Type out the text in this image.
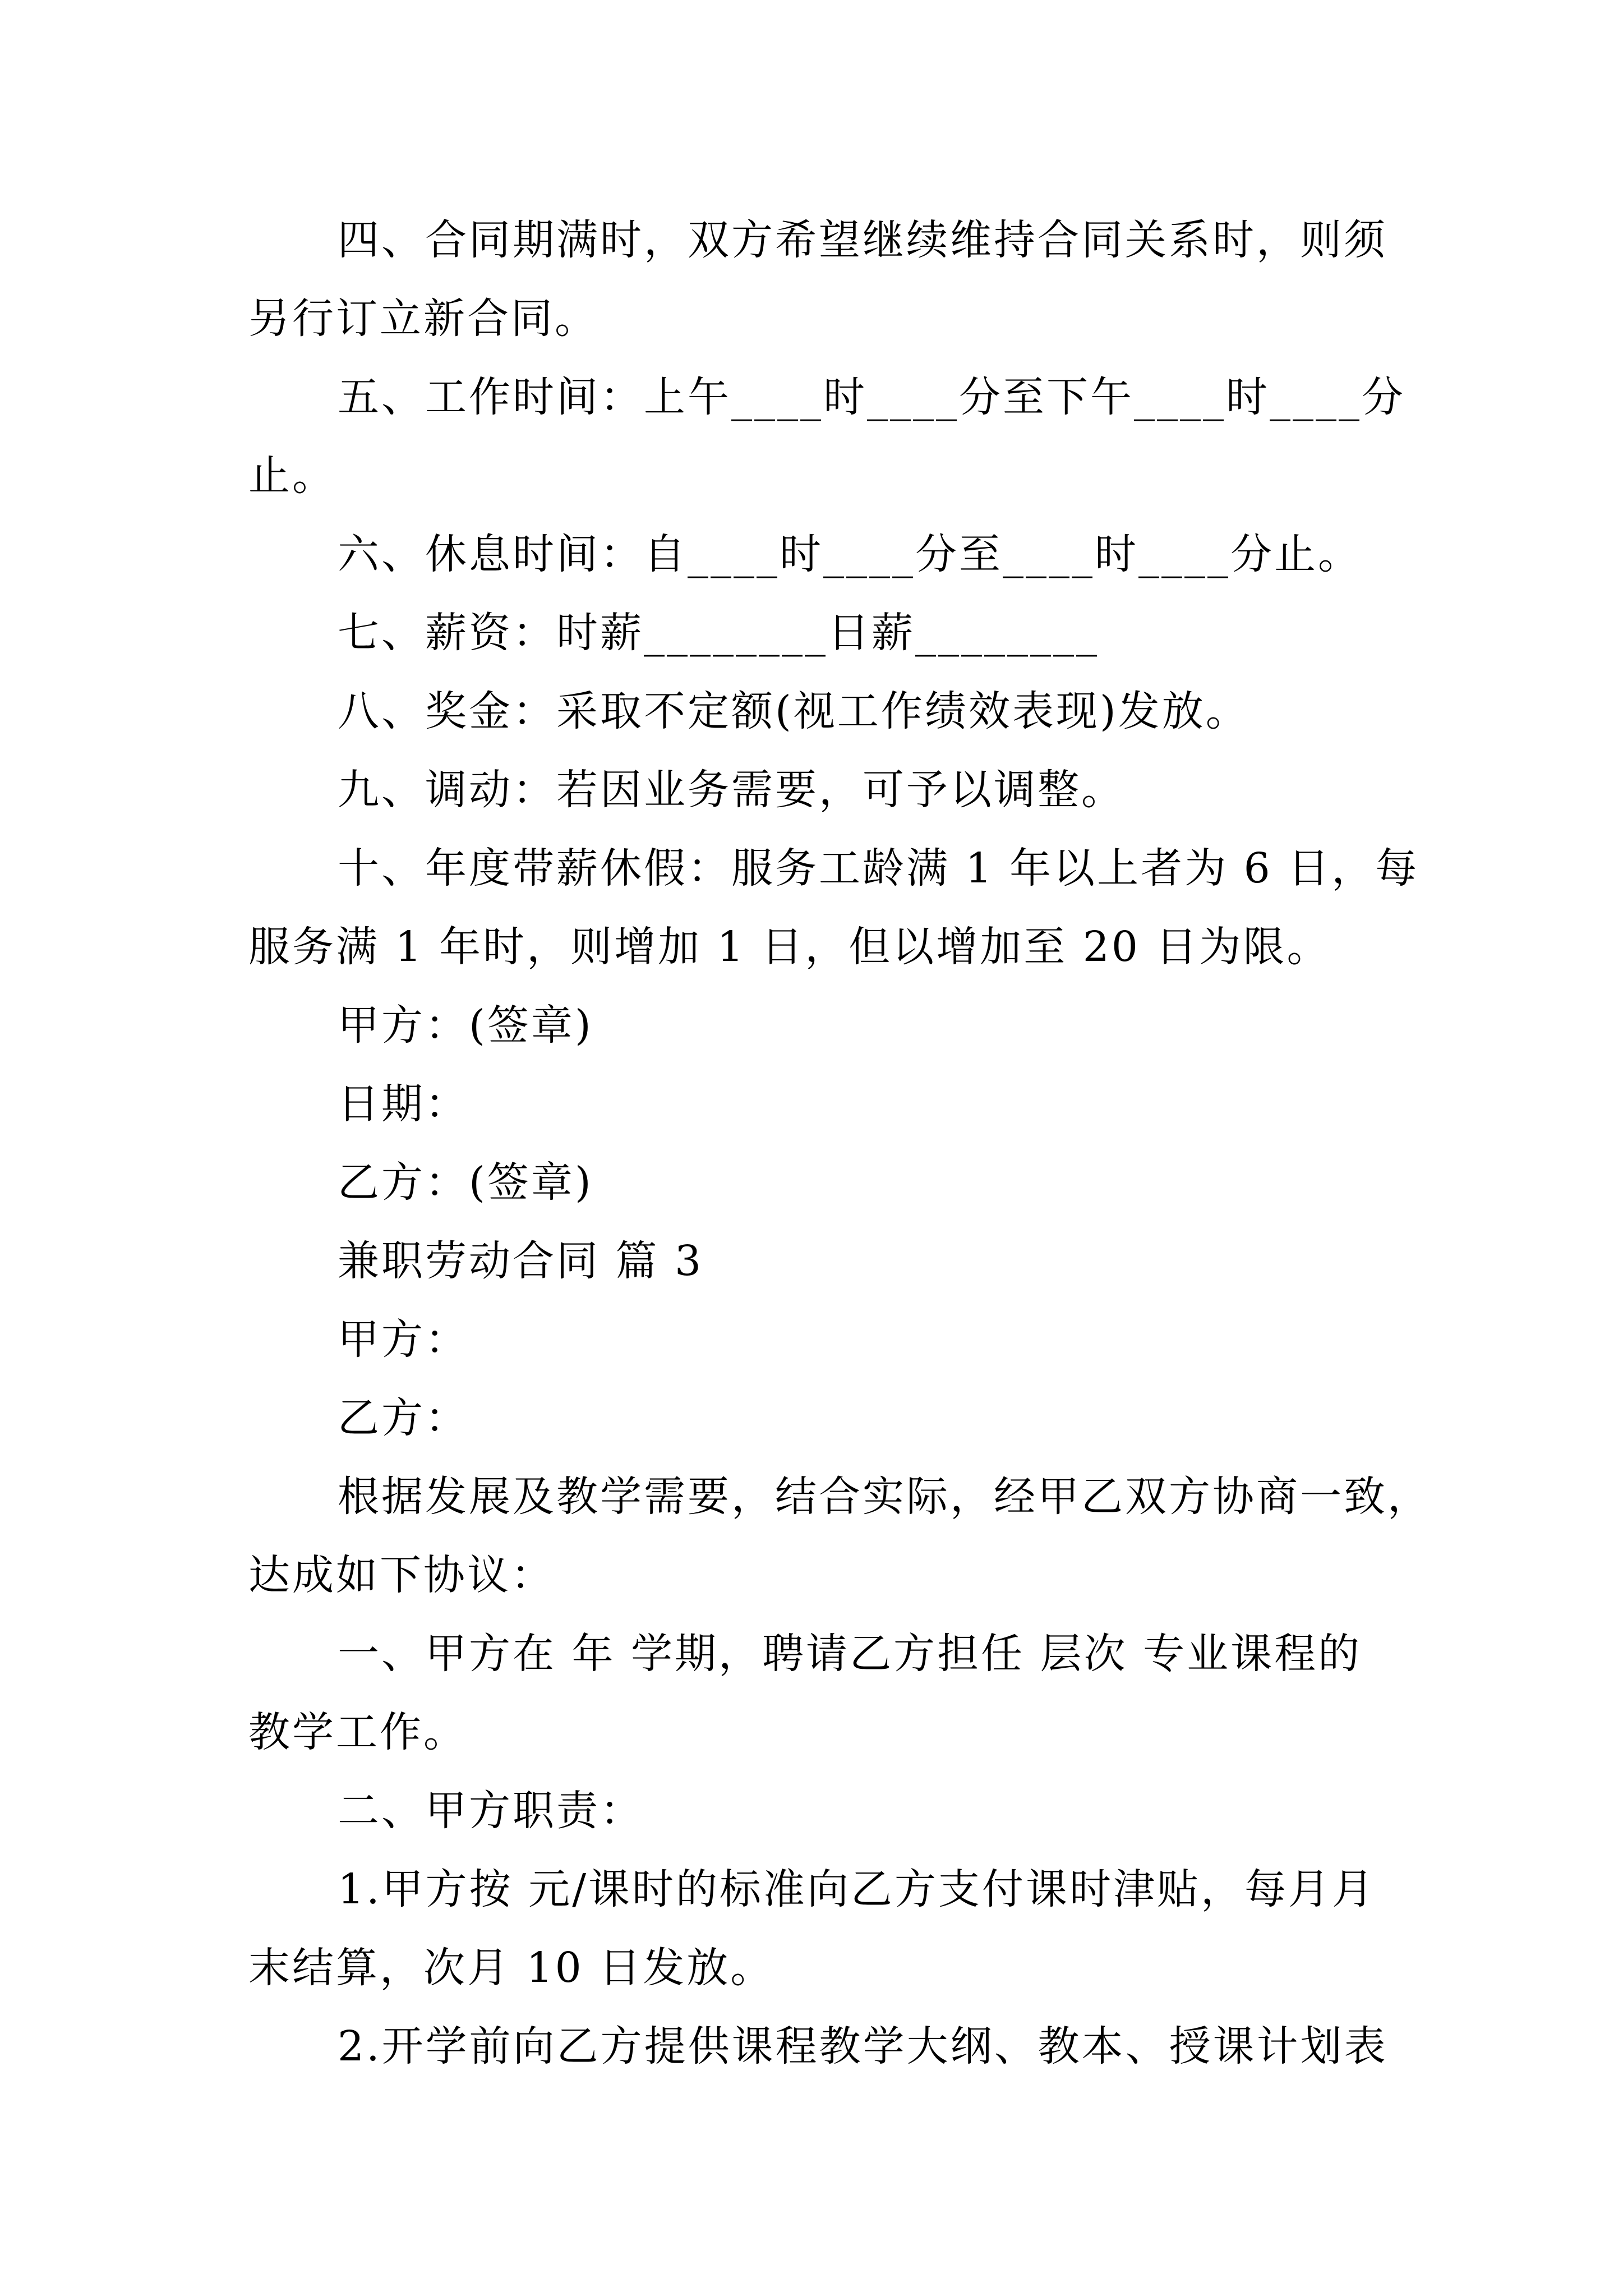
四、合同期满时，双方希望继续维持合同关系时，则须
另行订立新合同。
五、工作时间：上午____时____分至下午____时____分
止。
六、休息时间：自____时____分至____时____分止。
七、薪资：时薪________日薪________
八、奖金：采取不定额(视工作绩效表现)发放。
九、调动：若因业务需要，可予以调整。
十、年度带薪休假：服务工龄满 1 年以上者为 6 日，每
服务满 1 年时，则增加 1 日，但以增加至 20 日为限。
甲方：(签章)
日期：
乙方：(签章)
兼职劳动合同 篇 3
甲方：
乙方：
根据发展及教学需要，结合实际，经甲乙双方协商一致，
达成如下协议：
一、甲方在 年 学期，聘请乙方担任 层次 专业课程的
教学工作。
二、甲方职责：
1.甲方按 元/课时的标准向乙方支付课时津贴，每月月
末结算，次月 10 日发放。
2.开学前向乙方提供课程教学大纲、教本、授课计划表
